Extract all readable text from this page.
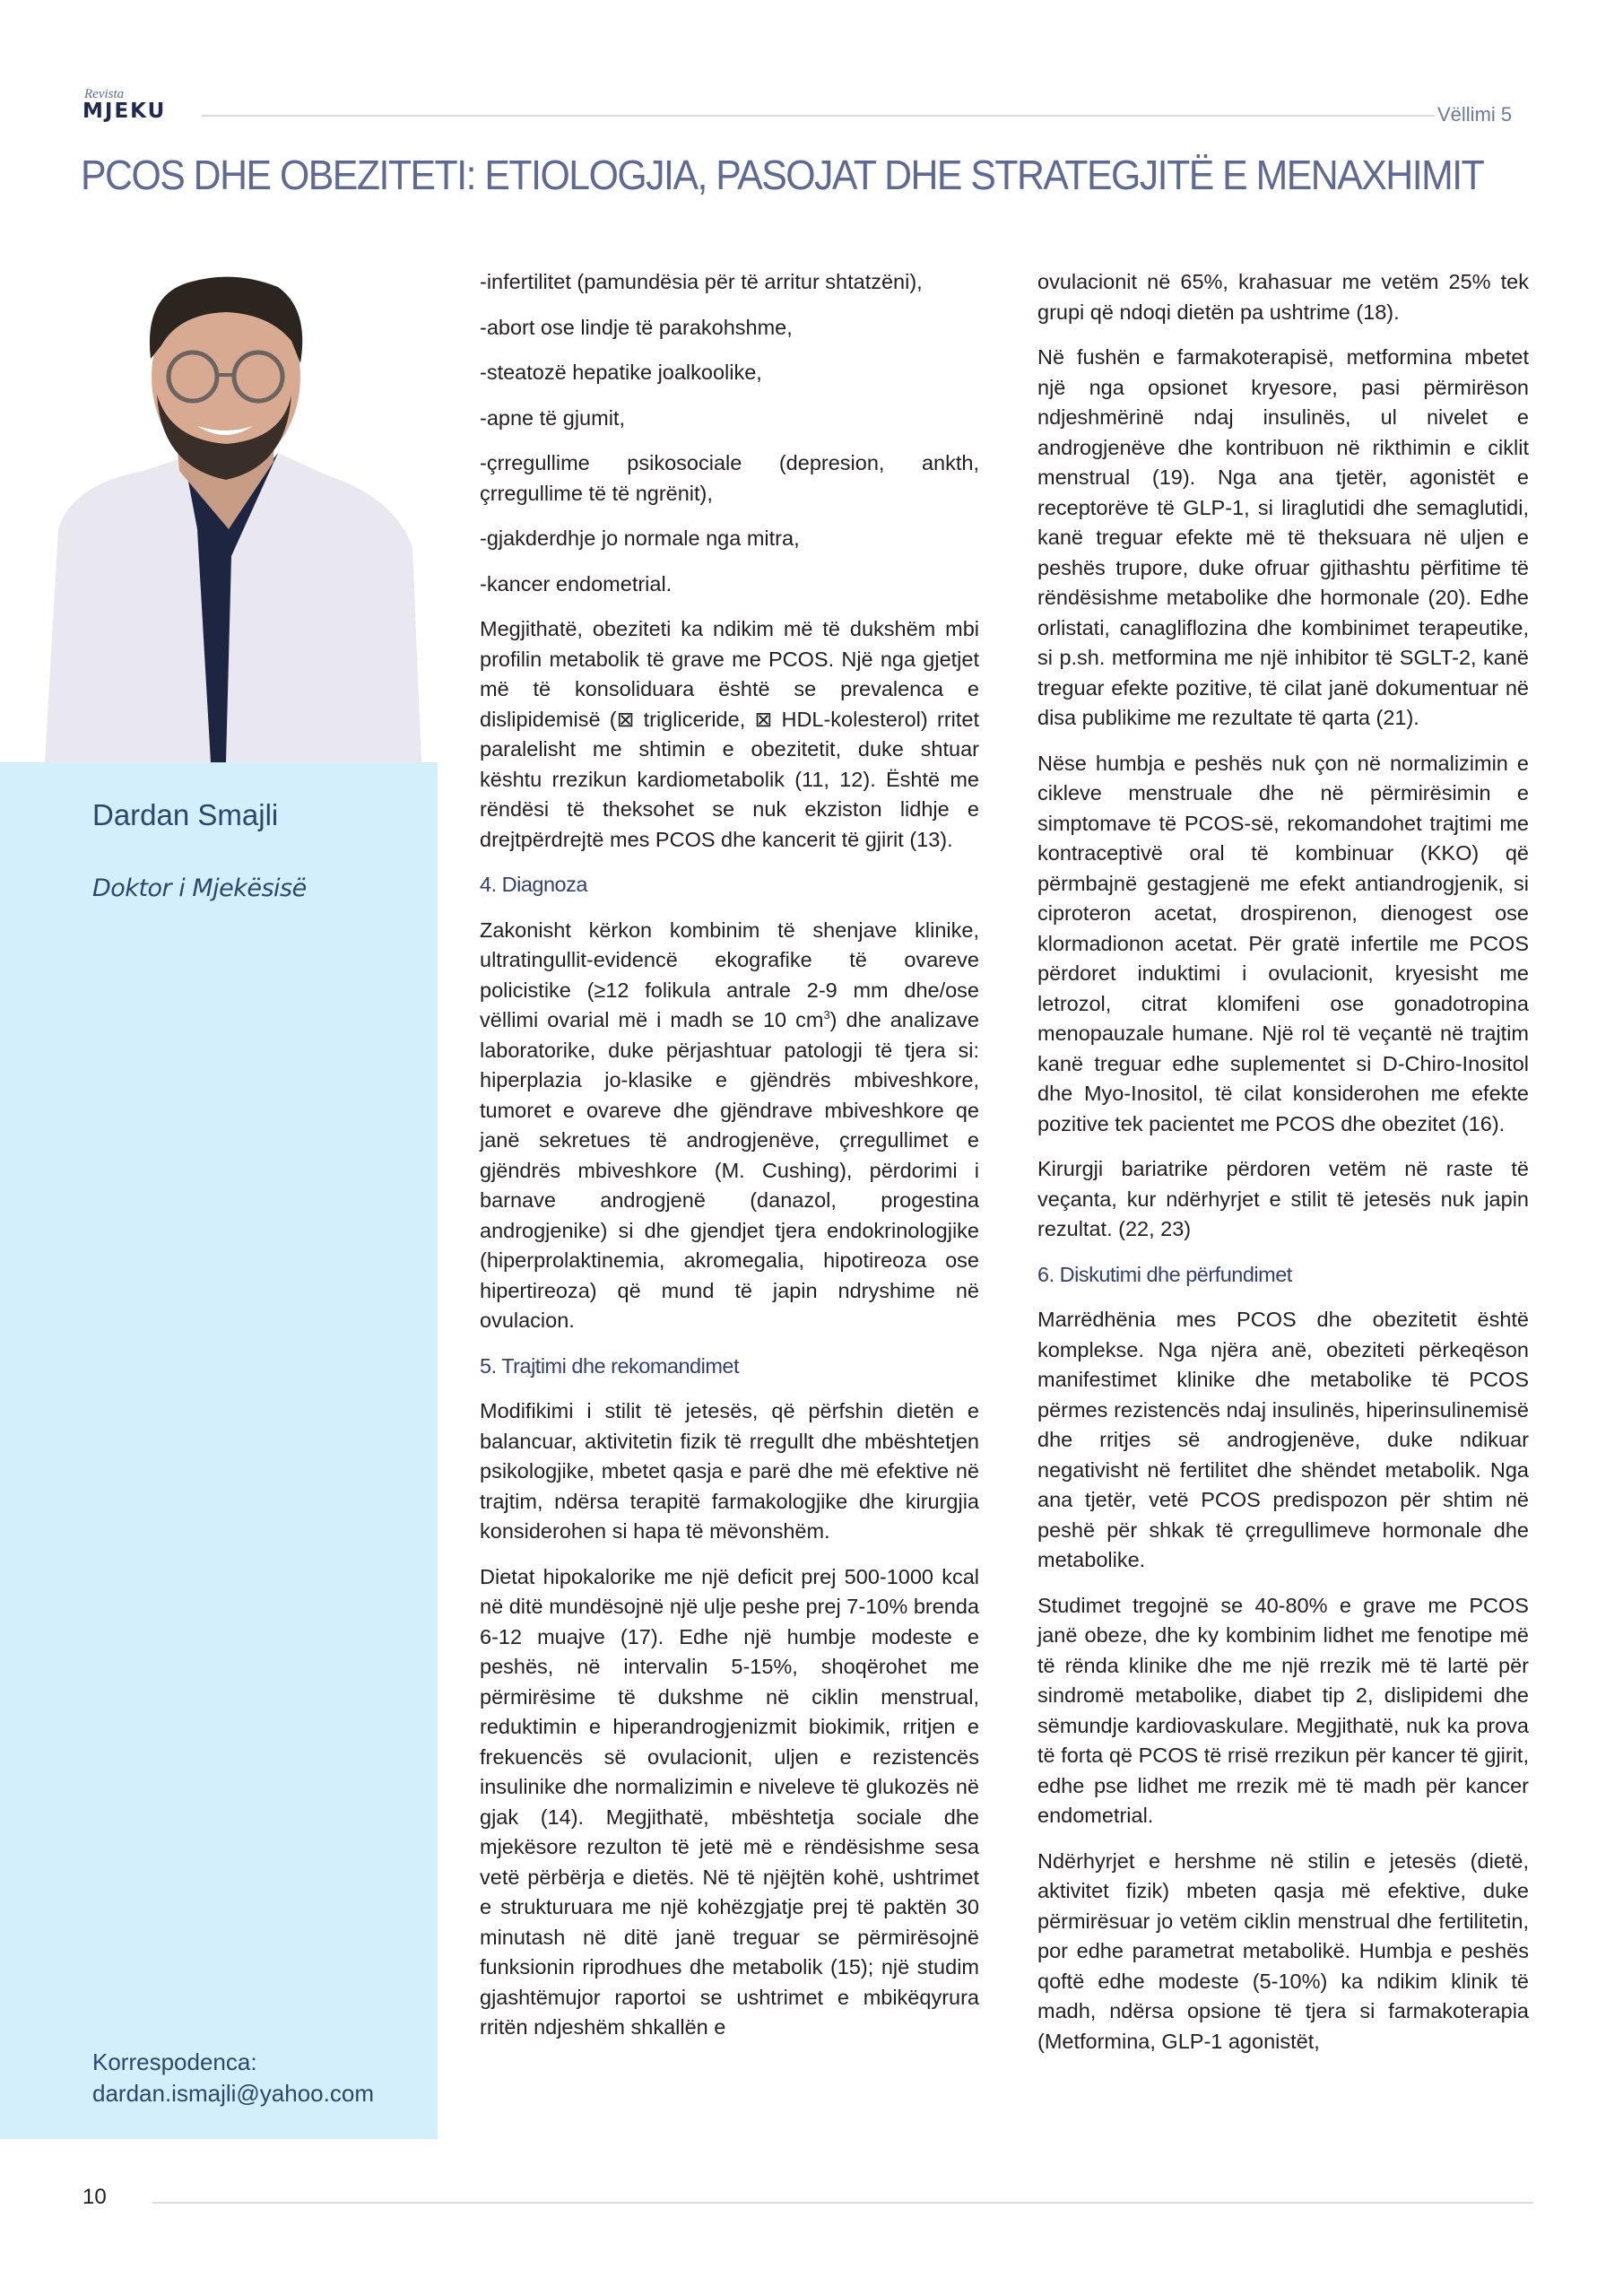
Revista
MJEKU	Vëllimi 5
PCOS DHE OBEZITETI: ETIOLOGJIA, PASOJAT DHE STRATEGJITË E MENAXHIMIT
Dardan Smajli
Doktor i Mjekësisë
Korrespodenca:
dardan.ismajli@yahoo.com

-infertilitet (pamundësia për të arritur shtatzëni),

-abort ose lindje të parakohshme,

-steatozë hepatike joalkoolike,

-apne të gjumit,

-çrregullime psikosociale (depresion, ankth, çrregullime të të ngrënit),

-gjakderdhje jo normale nga mitra,

-kancer endometrial.

Megjithatë, obeziteti ka ndikim më të dukshëm mbi profilin metabolik të grave me PCOS. Një nga gjetjet më të konsoliduara është se prevalenca e dislipidemisë (⊠ trigliceride, ⊠ HDL-kolesterol) rritet paralelisht me shtimin e obezitetit, duke shtuar kështu rrezikun kardiometabolik (11, 12). Është me rëndësi të theksohet se nuk ekziston lidhje e drejtpërdrejtë mes PCOS dhe kancerit të gjirit (13).

4. Diagnoza

Zakonisht kërkon kombinim të shenjave klinike, ultratingullit-evidencë ekografike të ovareve policistike (≥12 folikula antrale 2-9 mm dhe/ose vëllimi ovarial më i madh se 10 $cm^3$) dhe analizave laboratorike, duke përjashtuar patologji të tjera si: hiperplazia jo-klasike e gjëndrës mbiveshkore, tumoret e ovareve dhe gjëndrave mbiveshkore qe janë sekretues të androgjenëve, çrregullimet e gjëndrës mbiveshkore (M. Cushing), përdorimi i barnave androgjenë (danazol, progestina androgjenike) si dhe gjendjet tjera endokrinologjike (hiperprolaktinemia, akromegalia, hipotireoza ose hipertireoza) që mund të japin ndryshime në ovulacion.

5. Trajtimi dhe rekomandimet

Modifikimi i stilit të jetesës, që përfshin dietën e balancuar, aktivitetin fizik të rregullt dhe mbështetjen psikologjike, mbetet qasja e parë dhe më efektive në trajtim, ndërsa terapitë farmakologjike dhe kirurgjia konsiderohen si hapa të mëvonshëm.

Dietat hipokalorike me një deficit prej 500-1000 kcal në ditë mundësojnë një ulje peshe prej 7-10% brenda 6-12 muajve (17). Edhe një humbje modeste e peshës, në intervalin 5-15%, shoqërohet me përmirësime të dukshme në ciklin menstrual, reduktimin e hiperandrogjenizmit biokimik, rritjen e frekuencës së ovulacionit, uljen e rezistencës insulinike dhe normalizimin e niveleve të glukozës në gjak (14). Megjithatë, mbështetja sociale dhe mjekësore rezulton të jetë më e rëndësishme sesa vetë përbërja e dietës. Në të njëjtën kohë, ushtrimet e strukturuara me një kohëzgjatje prej të paktën 30 minutash në ditë janë treguar se përmirësojnë funksionin riprodhues dhe metabolik (15); një studim gjashtëmujor raportoi se ushtrimet e mbikëqyrura rritën ndjeshëm shkallën e

ovulacionit në 65%, krahasuar me vetëm 25% tek grupi që ndoqi dietën pa ushtrime (18).

Në fushën e farmakoterapisë, metformina mbetet një nga opsionet kryesore, pasi përmirëson ndjeshmërinë ndaj insulinës, ul nivelet e androgjenëve dhe kontribuon në rikthimin e ciklit menstrual (19). Nga ana tjetër, agonistët e receptorëve të GLP-1, si liraglutidi dhe semaglutidi, kanë treguar efekte më të theksuara në uljen e peshës trupore, duke ofruar gjithashtu përfitime të rëndësishme metabolike dhe hormonale (20). Edhe orlistati, canagliflozina dhe kombinimet terapeutike, si p.sh. metformina me një inhibitor të SGLT-2, kanë treguar efekte pozitive, të cilat janë dokumentuar në disa publikime me rezultate të qarta (21).

Nëse humbja e peshës nuk çon në normalizimin e cikleve menstruale dhe në përmirësimin e simptomave të PCOS-së, rekomandohet trajtimi me kontraceptivë oral të kombinuar (KKO) që përmbajnë gestagjenë me efekt antiandrogjenik, si ciproteron acetat, drospirenon, dienogest ose klormadionon acetat. Për gratë infertile me PCOS përdoret induktimi i ovulacionit, kryesisht me letrozol, citrat klomifeni ose gonadotropina menopauzale humane. Një rol të veçantë në trajtim kanë treguar edhe suplementet si D-Chiro-Inositol dhe Myo-Inositol, të cilat konsiderohen me efekte pozitive tek pacientet me PCOS dhe obezitet (16).

Kirurgji bariatrike përdoren vetëm në raste të veçanta, kur ndërhyrjet e stilit të jetesës nuk japin rezultat. (22, 23)

6. Diskutimi dhe përfundimet

Marrëdhënia mes PCOS dhe obezitetit është komplekse. Nga njëra anë, obeziteti përkeqëson manifestimet klinike dhe metabolike të PCOS përmes rezistencës ndaj insulinës, hiperinsulinemisë dhe rritjes së androgjenëve, duke ndikuar negativisht në fertilitet dhe shëndet metabolik. Nga ana tjetër, vetë PCOS predispozon për shtim në peshë për shkak të çrregullimeve hormonale dhe metabolike.

Studimet tregojnë se 40-80% e grave me PCOS janë obeze, dhe ky kombinim lidhet me fenotipe më të rënda klinike dhe me një rrezik më të lartë për sindromë metabolike, diabet tip 2, dislipidemi dhe sëmundje kardiovaskulare. Megjithatë, nuk ka prova të forta që PCOS të rrisë rrezikun për kancer të gjirit, edhe pse lidhet me rrezik më të madh për kancer endometrial.

Ndërhyrjet e hershme në stilin e jetesës (dietë, aktivitet fizik) mbeten qasja më efektive, duke përmirësuar jo vetëm ciklin menstrual dhe fertilitetin, por edhe parametrat metabolikë. Humbja e peshës qoftë edhe modeste (5-10%) ka ndikim klinik të madh, ndërsa opsione të tjera si farmakoterapia (Metformina, GLP-1 agonistët,

10
